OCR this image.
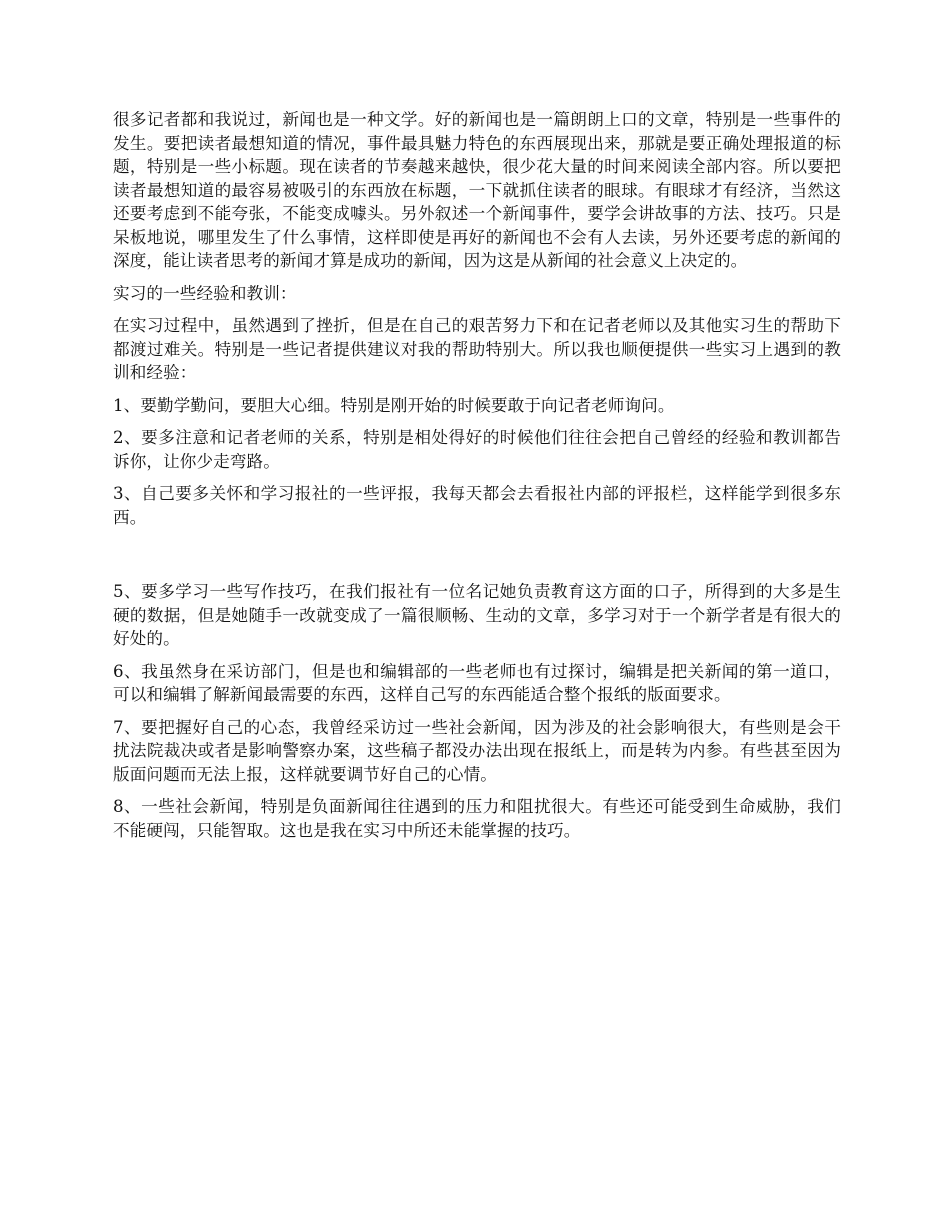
很多记者都和我说过，新闻也是一种文学。好的新闻也是一篇朗朗上口的文章，特别是一些事件的发生。要把读者最想知道的情况，事件最具魅力特色的东西展现出来，那就是要正确处理报道的标题，特别是一些小标题。现在读者的节奏越来越快，很少花大量的时间来阅读全部内容。所以要把读者最想知道的最容易被吸引的东西放在标题，一下就抓住读者的眼球。有眼球才有经济，当然这还要考虑到不能夸张，不能变成噱头。另外叙述一个新闻事件，要学会讲故事的方法、技巧。只是呆板地说，哪里发生了什么事情，这样即使是再好的新闻也不会有人去读，另外还要考虑的新闻的深度，能让读者思考的新闻才算是成功的新闻，因为这是从新闻的社会意义上决定的。

实习的一些经验和教训：

在实习过程中，虽然遇到了挫折，但是在自己的艰苦努力下和在记者老师以及其他实习生的帮助下都渡过难关。特别是一些记者提供建议对我的帮助特别大。所以我也顺便提供一些实习上遇到的教训和经验：

1、要勤学勤问，要胆大心细。特别是刚开始的时候要敢于向记者老师询问。

2、要多注意和记者老师的关系，特别是相处得好的时候他们往往会把自己曾经的经验和教训都告诉你，让你少走弯路。

3、自己要多关怀和学习报社的一些评报，我每天都会去看报社内部的评报栏，这样能学到很多东西。

5、要多学习一些写作技巧，在我们报社有一位名记她负责教育这方面的口子，所得到的大多是生硬的数据，但是她随手一改就变成了一篇很顺畅、生动的文章，多学习对于一个新学者是有很大的好处的。

6、我虽然身在采访部门，但是也和编辑部的一些老师也有过探讨，编辑是把关新闻的第一道口，可以和编辑了解新闻最需要的东西，这样自己写的东西能适合整个报纸的版面要求。

7、要把握好自己的心态，我曾经采访过一些社会新闻，因为涉及的社会影响很大，有些则是会干扰法院裁决或者是影响警察办案，这些稿子都没办法出现在报纸上，而是转为内参。有些甚至因为版面问题而无法上报，这样就要调节好自己的心情。

8、一些社会新闻，特别是负面新闻往往遇到的压力和阻扰很大。有些还可能受到生命威胁，我们不能硬闯，只能智取。这也是我在实习中所还未能掌握的技巧。
